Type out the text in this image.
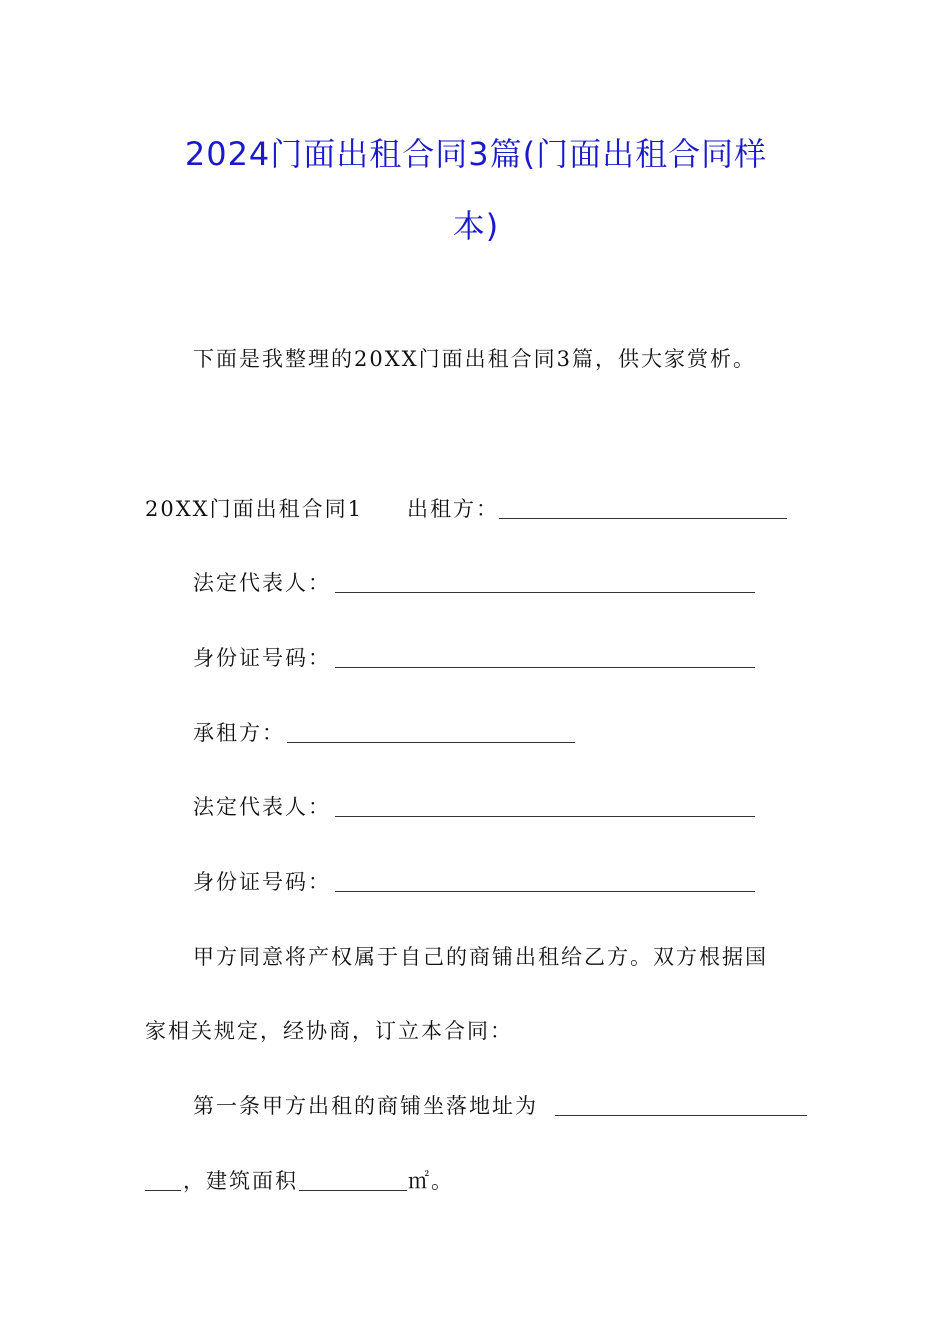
2024门面出租合同3篇(门面出租合同样
本)
下面是我整理的20XX门面出租合同3篇，供大家赏析。
20XX门面出租合同1 出租方：
法定代表人：
身份证号码：
承租方：
法定代表人：
身份证号码：
甲方同意将产权属于自己的商铺出租给乙方。双方根据国
家相关规定，经协商，订立本合同：
第一条甲方出租的商铺坐落地址为
，建筑面积	㎡。
